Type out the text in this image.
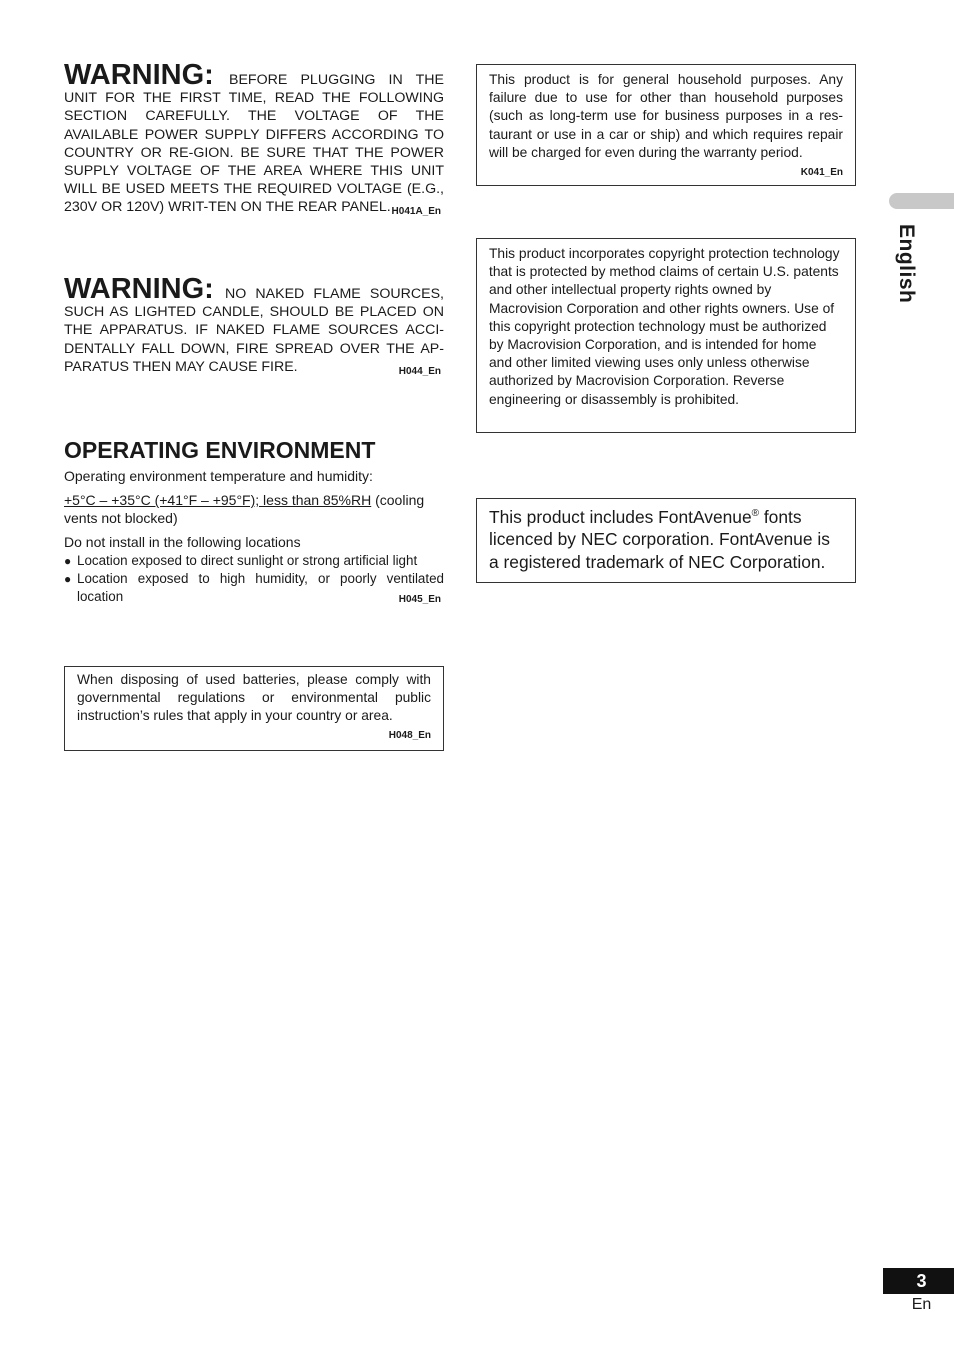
WARNING: BEFORE PLUGGING IN THE UNIT FOR THE FIRST TIME, READ THE FOLLOWING SECTION CAREFULLY. THE VOLTAGE OF THE AVAILABLE POWER SUPPLY DIFFERS ACCORDING TO COUNTRY OR RE-GION. BE SURE THAT THE POWER SUPPLY VOLTAGE OF THE AREA WHERE THIS UNIT WILL BE USED MEETS THE REQUIRED VOLTAGE (E.G., 230V OR 120V) WRIT-TEN ON THE REAR PANEL. H041A_En
WARNING: NO NAKED FLAME SOURCES, SUCH AS LIGHTED CANDLE, SHOULD BE PLACED ON THE APPARATUS. IF NAKED FLAME SOURCES ACCI-DENTALLY FALL DOWN, FIRE SPREAD OVER THE AP-PARATUS THEN MAY CAUSE FIRE.	H044_En
OPERATING ENVIRONMENT

Operating environment temperature and humidity:

+5°C – +35°C (+41°F – +95°F); less than 85%RH (cooling vents not blocked)

Do not install in the following locations

● Location exposed to direct sunlight or strong artificial light
● Location exposed to high humidity, or poorly ventilated location	H045_En
When disposing of used batteries, please comply with governmental regulations or environmental public instruction’s rules that apply in your country or area.
H048_En
This product is for general household purposes. Any failure due to use for other than household purposes (such as long-term use for business purposes in a res-taurant or use in a car or ship) and which requires repair will be charged for even during the warranty period.
K041_En
This product incorporates copyright protection technology that is protected by method claims of certain U.S. patents and other intellectual property rights owned by Macrovision Corporation and other rights owners. Use of this copyright protection technology must be authorized by Macrovision Corporation, and is intended for home and other limited viewing uses only unless otherwise authorized by Macrovision Corporation. Reverse engineering or disassembly is prohibited.
This product includes FontAvenue® fonts licenced by NEC corporation. FontAvenue is a registered trademark of NEC Corporation.
English
3
En
